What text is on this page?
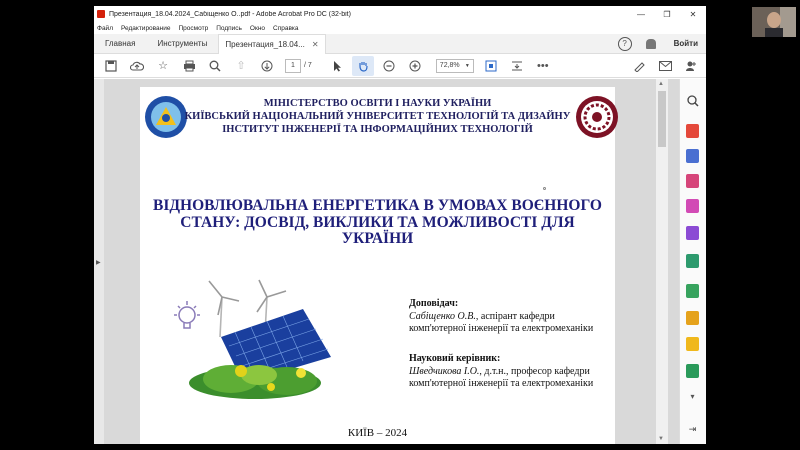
Презентация_18.04.2024_Сабіщенко О..pdf - Adobe Acrobat Pro DC (32-bit)	—	❐	✕
Файл Редактирование Просмотр Подпись Окно Справка
Главная	Инструменты	Презентация_18.04... ✕	?	Войти
☆	⇧	1	/ 7	72,8% ▼	•••
▶
МІНІСТЕРСТВО ОСВІТИ І НАУКИ УКРАЇНИ
КИЇВСЬКИЙ НАЦІОНАЛЬНИЙ УНІВЕРСИТЕТ ТЕХНОЛОГІЙ ТА ДИЗАЙНУ
ІНСТИТУТ ІНЖЕНЕРІЇ ТА ІНФОРМАЦІЙНИХ ТЕХНОЛОГІЙ
ВІДНОВЛЮВАЛЬНА ЕНЕРГЕТИКА В УМОВАХ ВОЄННОГО
СТАНУ: ДОСВІД, ВИКЛИКИ ТА МОЖЛИВОСТІ ДЛЯ
УКРАЇНИ
Доповідач:
Сабіщенко О.В., аспірант кафедри
комп'ютерної інженерії та електромеханіки
Науковий керівник:
Шведчикова І.О., д.т.н., професор кафедри
комп'ютерної інженерії та електромеханіки
КИЇВ – 2024
▲
▼
▾
⇥
